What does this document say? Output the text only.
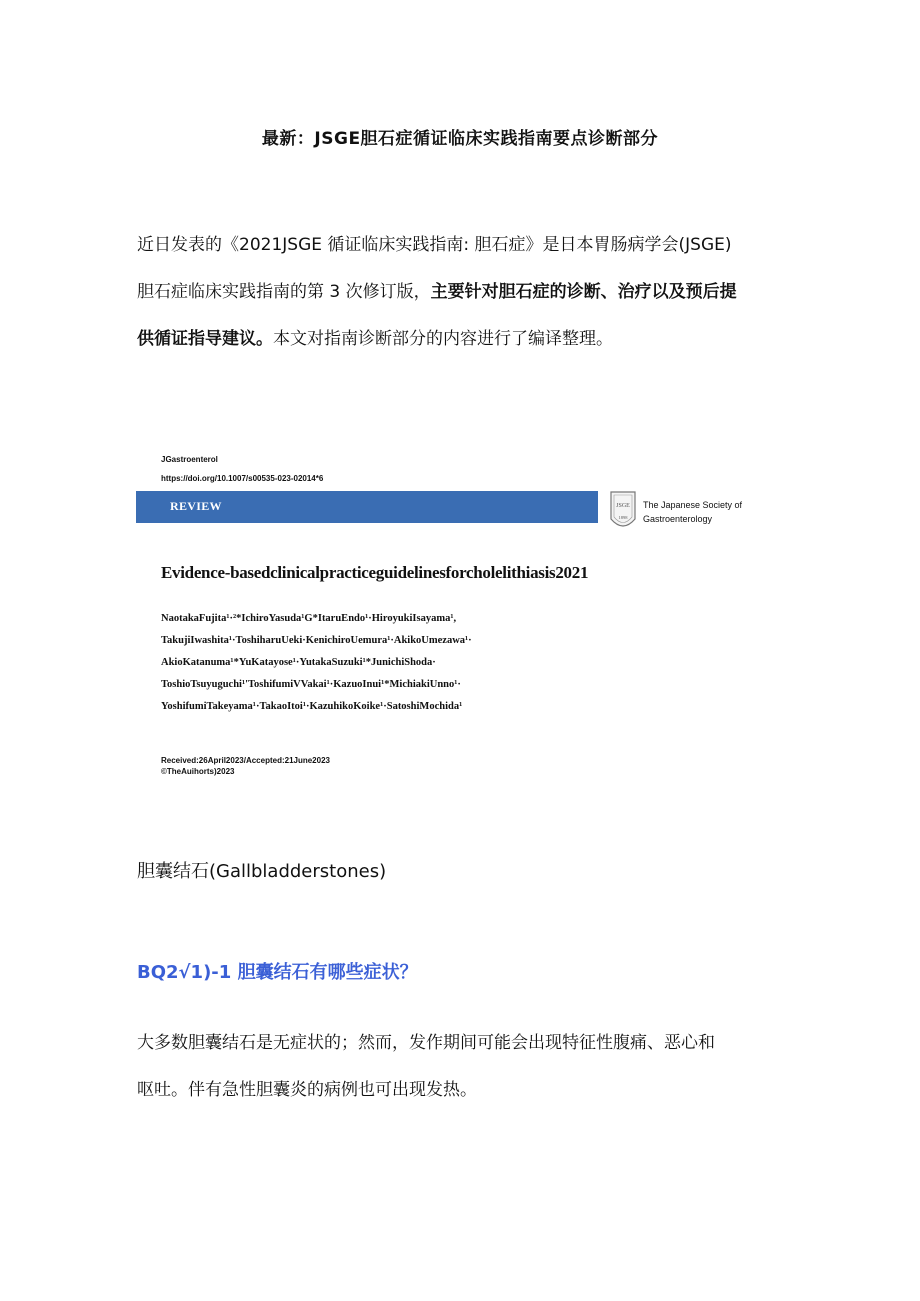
最新：JSGE胆石症循证临床实践指南要点诊断部分
近日发表的《2021JSGE 循证临床实践指南: 胆石症》是日本胃肠病学会(JSGE)
胆石症临床实践指南的第 3 次修订版，主要针对胆石症的诊断、治疗以及预后提
供循证指导建议。本文对指南诊断部分的内容进行了编译整理。
JGastroenterol
https://doi.org/10.1007/s00535-023-02014*6
REVIEW	JSGE
1898
The Japanese Society of
Gastroenterology
Evidence-basedclinicalpracticeguidelinesforcholelithiasis2021
NaotakaFujita¹·²*IchiroYasuda¹G*ItaruEndo¹·HiroyukiIsayama¹,
TakujiIwashita¹·ToshiharuUeki·KenichiroUemura¹·AkikoUmezawa¹·
AkioKatanuma¹*YuKatayose¹·YutakaSuzuki¹*JunichiShoda·
ToshioTsuyuguchi¹'ToshifumiVVakai¹·KazuoInui¹*MichiakiUnno¹·
YoshifumiTakeyama¹·TakaoItoi¹·KazuhikoKoike¹·SatoshiMochida¹
Received:26April2023/Accepted:21June2023
©TheAuihorts)2023
胆囊结石(Gallbladderstones)
BQ2√1)-1 胆囊结石有哪些症状？
大多数胆囊结石是无症状的；然而，发作期间可能会出现特征性腹痛、恶心和
呕吐。伴有急性胆囊炎的病例也可出现发热。
